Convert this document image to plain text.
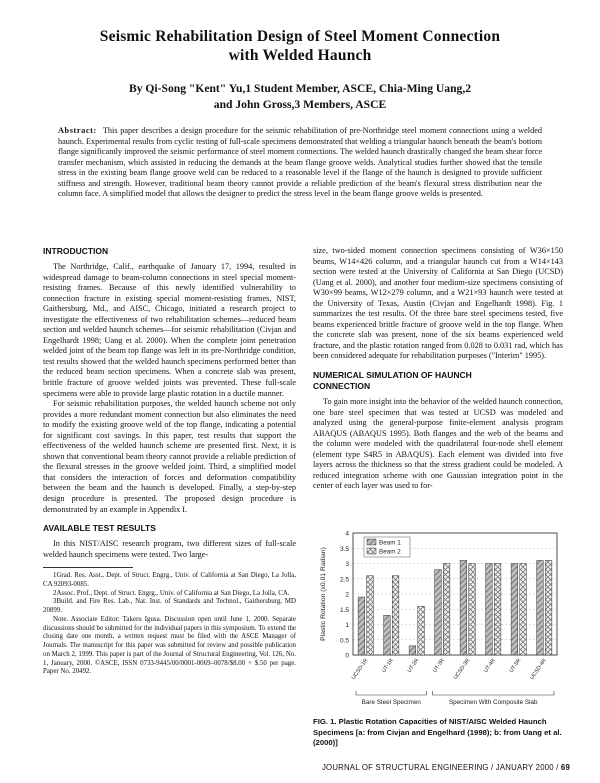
Seismic Rehabilitation Design of Steel Moment Connection
with Welded Haunch
By Qi-Song "Kent" Yu,1 Student Member, ASCE, Chia-Ming Uang,2
and John Gross,3 Members, ASCE
Abstract: This paper describes a design procedure for the seismic rehabilitation of pre-Northridge steel moment connections using a welded haunch. Experimental results from cyclic testing of full-scale specimens demonstrated that welding a triangular haunch beneath the beam's bottom flange significantly improved the seismic performance of steel moment connections. The welded haunch drastically changed the beam shear force transfer mechanism, which assisted in reducing the demands at the beam flange groove welds. Analytical studies further showed that the tensile stress in the existing beam flange groove weld can be reduced to a reasonable level if the flange of the haunch is designed to provide sufficient stiffness and strength. However, traditional beam theory cannot provide a reliable prediction of the beam's flexural stress distribution near the column face. A simplified model that allows the designer to predict the stress level in the beam flange groove welds is presented.
INTRODUCTION

The Northridge, Calif., earthquake of January 17, 1994, resulted in widespread damage to beam-column connections in steel special moment-resisting frames. Because of this newly identified vulnerability to connection fracture in existing special moment-resisting frames, NIST, Gaithersburg, Md., and AISC, Chicago, initiated a research project to investigate the effectiveness of two rehabilitation schemes—reduced beam section and welded haunch schemes—for seismic rehabilitation (Civjan and Engelhardt 1998; Uang et al. 2000). When the complete joint penetration welded joint of the beam top flange was left in its pre-Northridge condition, test results showed that the welded haunch specimens performed better than the reduced beam section specimens. When a concrete slab was present, brittle fracture of groove welded joints was prevented. These full-scale specimens were able to provide large plastic rotation in a ductile manner.

For seismic rehabilitation purposes, the welded haunch scheme not only provides a more redundant moment connection but also eliminates the need to modify the existing groove weld of the top flange, indicating a potential for significant cost savings. In this paper, test results that support the effectiveness of the welded haunch scheme are presented first. Next, it is shown that conventional beam theory cannot provide a reliable prediction of the flexural stresses in the groove welded joint. Third, a simplified model that considers the interaction of forces and deformation compatibility between the beam and the haunch is developed. Finally, a step-by-step design procedure is presented. The proposed design procedure is demonstrated by an example in Appendix I.

AVAILABLE TEST RESULTS

In this NIST/AISC research program, two different sizes of full-scale welded haunch specimens were tested. Two large-

1Grad. Res. Asst., Dept. of Struct. Engrg., Univ. of California at San Diego, La Jolla, CA 92093-0085.

2Assoc. Prof., Dept. of Struct. Engrg., Univ. of California at San Diego, La Jolla, CA.

3Build. and Fire Res. Lab., Nat. Inst. of Standards and Technol., Gaithersburg, MD 20899.

Note. Associate Editor: Takeru Igusa. Discussion open until June 1, 2000. Separate discussions should be submitted for the individual papers in this symposium. To extend the closing date one month, a written request must be filed with the ASCE Manager of Journals. The manuscript for this paper was submitted for review and possible publication on March 2, 1999. This paper is part of the Journal of Structural Engineering, Vol. 126, No. 1, January, 2000. ©ASCE, ISSN 0733-9445/00/0001-0069–0078/$8.00 + $.50 per page. Paper No. 20492.

size, two-sided moment connection specimens consisting of W36×150 beams, W14×426 column, and a triangular haunch cut from a W14×143 section were tested at the University of California at San Diego (UCSD) (Uang et al. 2000), and another four medium-size specimens consisting of W30×99 beams, W12×279 column, and a W21×93 haunch were tested at the University of Texas, Austin (Civjan and Engelhardt 1998). Fig. 1 summarizes the test results. Of the three bare steel specimens tested, five beams experienced brittle fracture of groove weld in the top flange. When the concrete slab was present, none of the six beams experienced weld fracture, and the plastic rotation ranged from 0.028 to 0.031 rad, which has been considered adequate for rehabilitation purposes ("Interim" 1995).

NUMERICAL SIMULATION OF HAUNCH
CONNECTION

To gain more insight into the behavior of the welded haunch connection, one bare steel specimen that was tested at UCSD was modeled and analyzed using the general-purpose finite-element analysis program ABAQUS (ABAQUS 1995). Both flanges and the web of the beams and the column were modeled with the quadrilateral four-node shell element (element type S4R5 in ABAQUS). Each element was divided into five layers across the thickness so that the stress gradient could be modeled. A reduced integration scheme with one Gaussian integration point in the center of each layer was used to for-

0
0.5
1
1.5
2
2.5
3
3.5
4
Plastic Rotation (x0.01 Radian)
UCSD-1R UT-1R UT-2R UT-3R UCSD-3R UT-4R UT-5R UCSD-4R
Beam 1
Beam 2
Bare Steel Specimen	Specimen With Composite Slab
FIG. 1. Plastic Rotation Capacities of NIST/AISC Welded Haunch Specimens [a: from Civjan and Engelhard (1998); b: from Uang et al. (2000)]
JOURNAL OF STRUCTURAL ENGINEERING / JANUARY 2000 / 69
